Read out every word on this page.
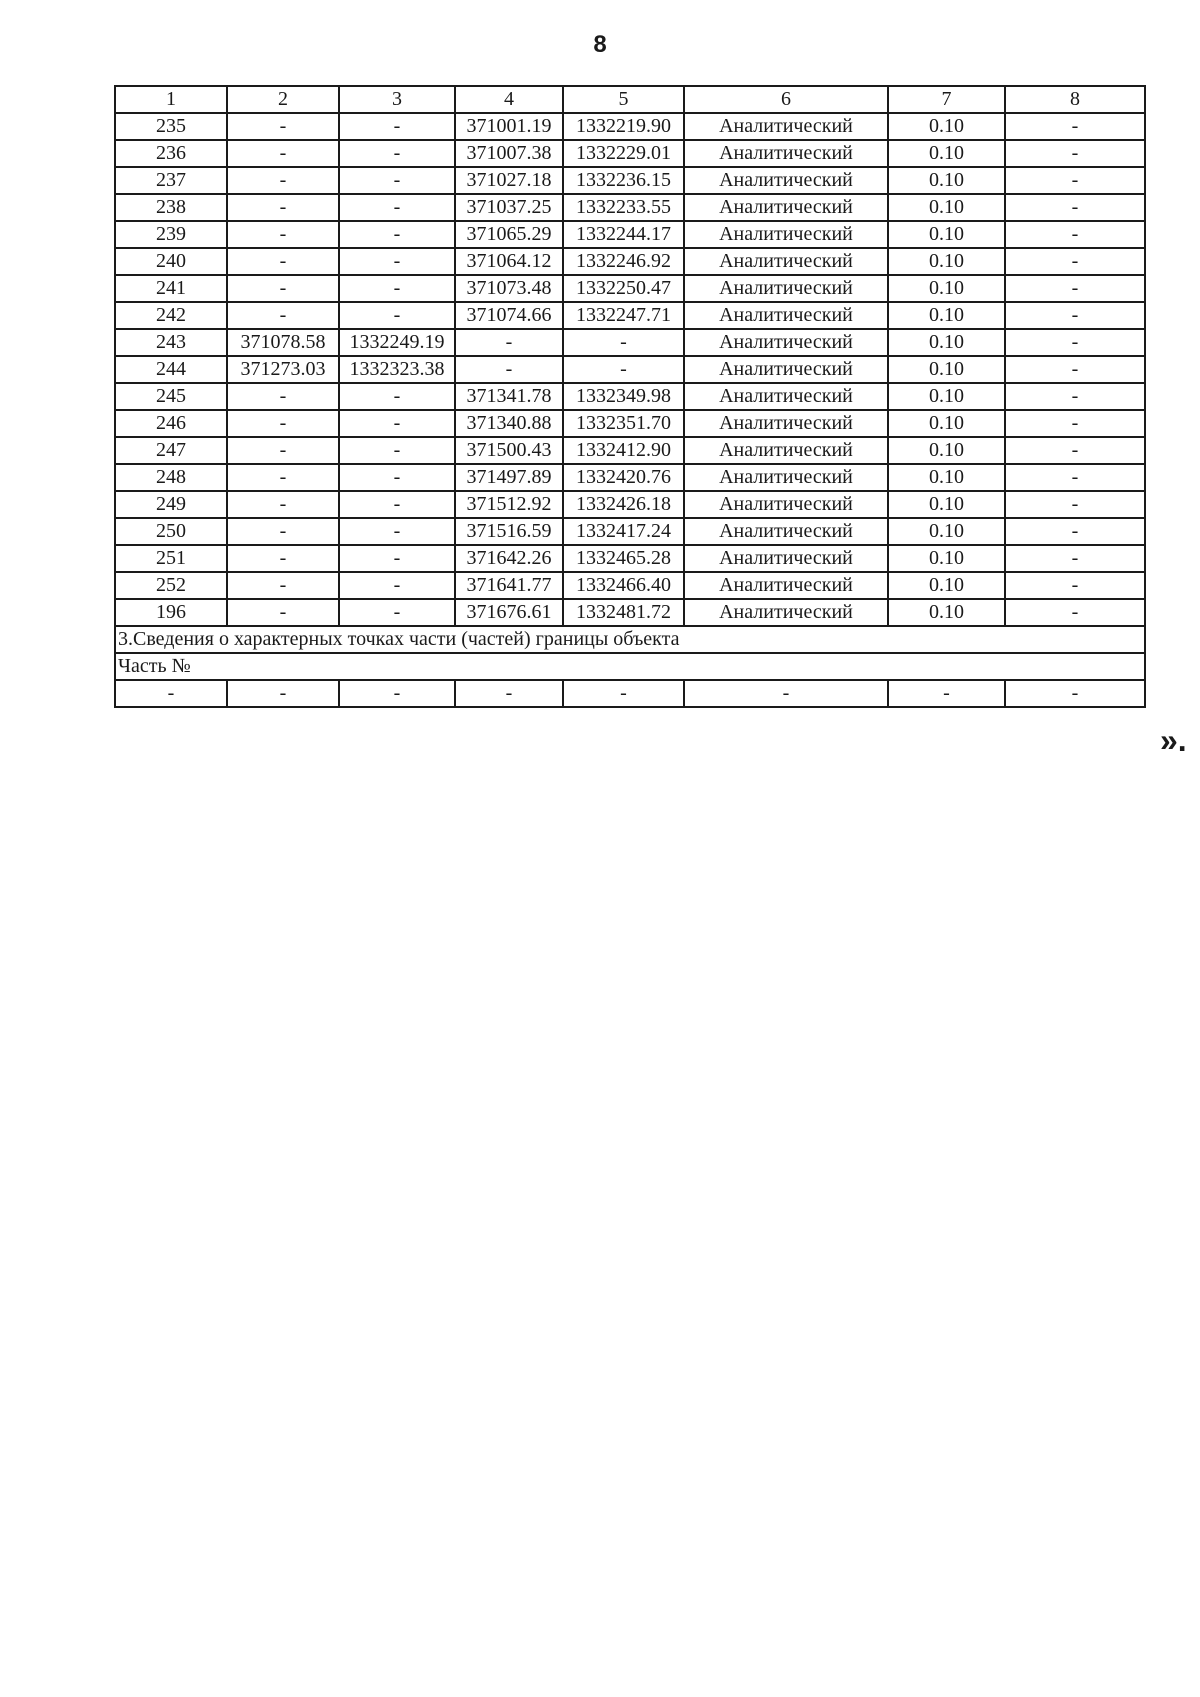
8
1	2	3	4	5	6	7	8
235	-	-	371001.19	1332219.90	Аналитический	0.10	-
236	-	-	371007.38	1332229.01	Аналитический	0.10	-
237	-	-	371027.18	1332236.15	Аналитический	0.10	-
238	-	-	371037.25	1332233.55	Аналитический	0.10	-
239	-	-	371065.29	1332244.17	Аналитический	0.10	-
240	-	-	371064.12	1332246.92	Аналитический	0.10	-
241	-	-	371073.48	1332250.47	Аналитический	0.10	-
242	-	-	371074.66	1332247.71	Аналитический	0.10	-
243	371078.58	1332249.19	-	-	Аналитический	0.10	-
244	371273.03	1332323.38	-	-	Аналитический	0.10	-
245	-	-	371341.78	1332349.98	Аналитический	0.10	-
246	-	-	371340.88	1332351.70	Аналитический	0.10	-
247	-	-	371500.43	1332412.90	Аналитический	0.10	-
248	-	-	371497.89	1332420.76	Аналитический	0.10	-
249	-	-	371512.92	1332426.18	Аналитический	0.10	-
250	-	-	371516.59	1332417.24	Аналитический	0.10	-
251	-	-	371642.26	1332465.28	Аналитический	0.10	-
252	-	-	371641.77	1332466.40	Аналитический	0.10	-
196	-	-	371676.61	1332481.72	Аналитический	0.10	-
3.Сведения о характерных точках части (частей) границы объекта							
Часть №							
-	-	-	-	-	-	-	-
».
